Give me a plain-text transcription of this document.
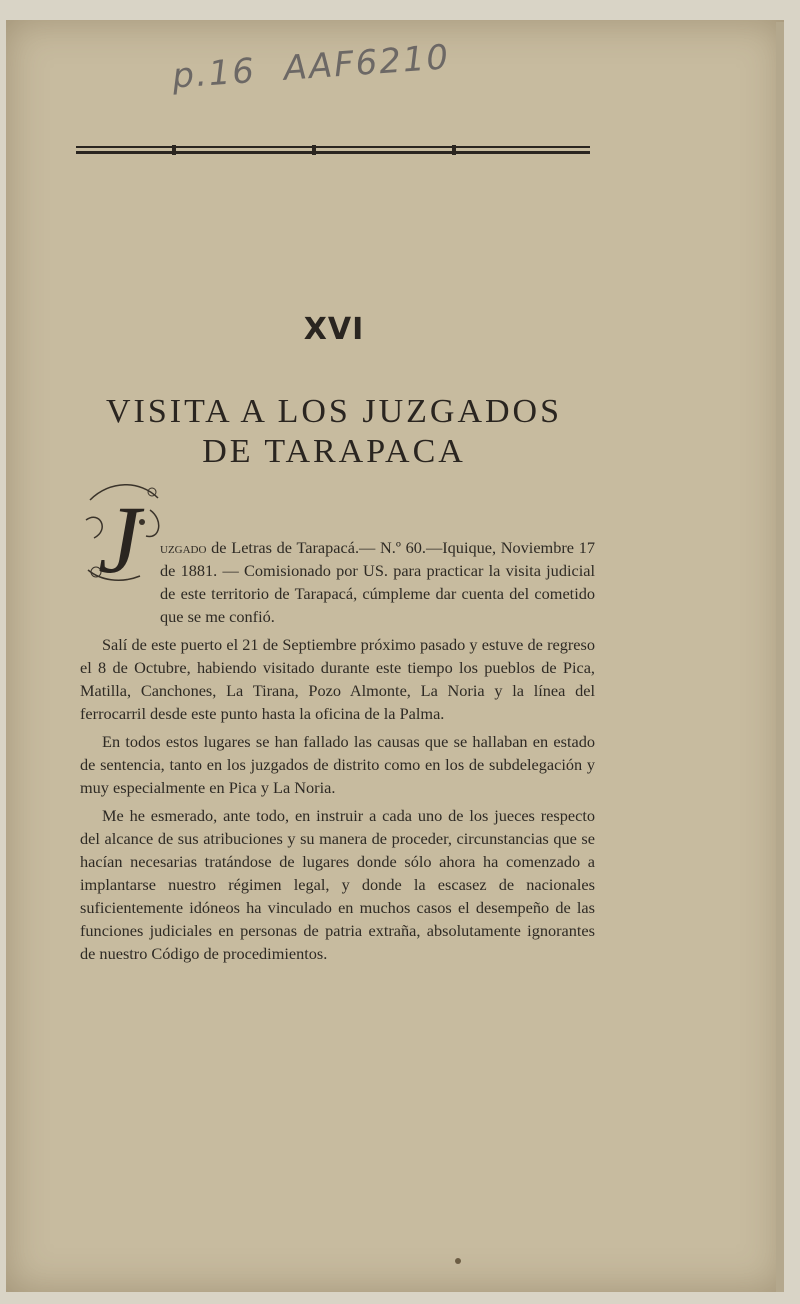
p.16 AAF6210
XVI
VISITA A LOS JUZGADOS
DE TARAPACA
J	uzgado de Letras de Tarapacá.— N.º 60.—Iquique, Noviembre 17 de 1881. — Comisionado por US. para practicar la visita judicial de este territorio de Tarapacá, cúmpleme dar cuenta del cometido que se me confió.

Salí de este puerto el 21 de Septiembre próximo pasado y estuve de regreso el 8 de Octubre, habiendo visitado durante este tiempo los pueblos de Pica, Matilla, Canchones, La Tirana, Pozo Almonte, La Noria y la línea del ferrocarril desde este punto hasta la oficina de la Palma.

En todos estos lugares se han fallado las causas que se hallaban en estado de sentencia, tanto en los juzgados de distrito como en los de subdelegación y muy especialmente en Pica y La Noria.

Me he esmerado, ante todo, en instruir a cada uno de los jueces respecto del alcance de sus atribuciones y su manera de proceder, circunstancias que se hacían necesarias tratándose de lugares donde sólo ahora ha comenzado a implantarse nuestro régimen legal, y donde la escasez de nacionales suficientemente idóneos ha vinculado en muchos casos el desempeño de las funciones judiciales en personas de patria extraña, absolutamente ignorantes de nuestro Código de procedimientos.
